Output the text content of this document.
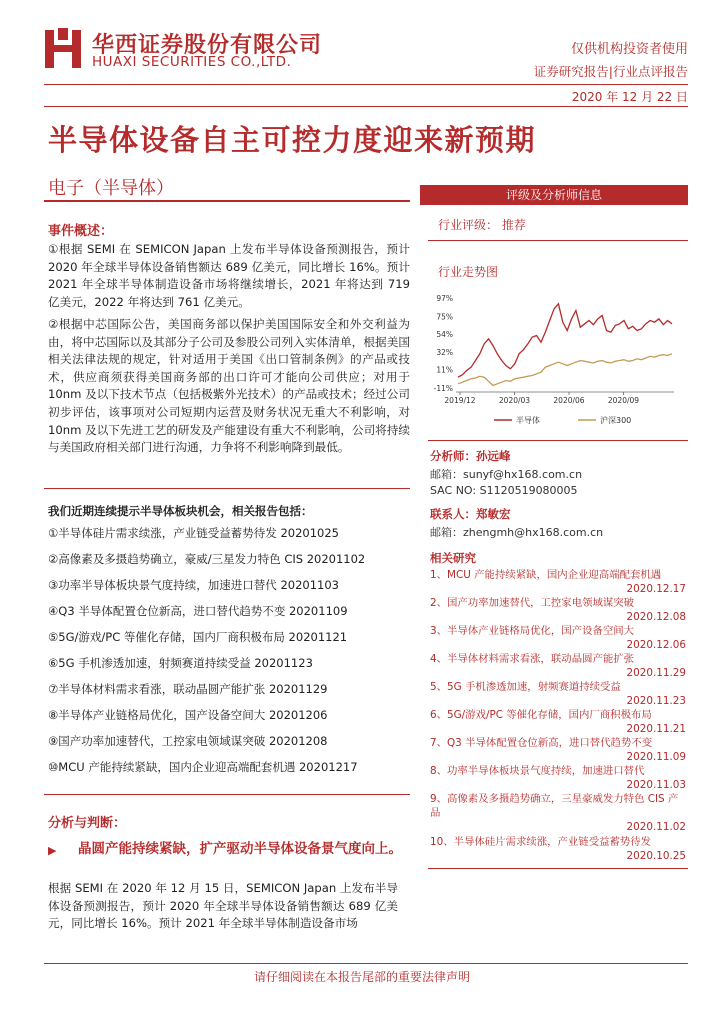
华西证券股份有限公司
HUAXI SECURITIES CO.,LTD.
仅供机构投资者使用
证券研究报告|行业点评报告
2020 年 12 月 22 日
半导体设备自主可控力度迎来新预期
电子（半导体）
事件概述：
①根据 SEMI 在 SEMICON Japan 上发布半导体设备预测报告，预计 2020 年全球半导体设备销售额达 689 亿美元，同比增长 16%。预计 2021 年全球半导体制造设备市场将继续增长，2021 年将达到 719 亿美元，2022 年将达到 761 亿美元。
②根据中芯国际公告，美国商务部以保护美国国际安全和外交利益为由，将中芯国际以及其部分子公司及参股公司列入实体清单，根据美国相关法律法规的规定，针对适用于美国《出口管制条例》的产品或技术，供应商须获得美国商务部的出口许可才能向公司供应；对用于 10nm 及以下技术节点（包括极紫外光技术）的产品或技术；经过公司初步评估，该事项对公司短期内运营及财务状况无重大不利影响，对 10nm 及以下先进工艺的研发及产能建设有重大不利影响，公司将持续与美国政府相关部门进行沟通，力争将不利影响降到最低。
我们近期连续提示半导体板块机会，相关报告包括：
①半导体硅片需求续涨，产业链受益蓄势待发 20201025
②高像素及多摄趋势确立，豪威/三星发力特色 CIS 20201102
③功率半导体板块景气度持续，加速进口替代 20201103
④Q3 半导体配置仓位新高，进口替代趋势不变 20201109
⑤5G/游戏/PC 等催化存储，国内厂商积极布局 20201121
⑥5G 手机渗透加速，射频赛道持续受益 20201123
⑦半导体材料需求看涨，联动晶圆产能扩张 20201129
⑧半导体产业链格局优化，国产设备空间大 20201206
⑨国产功率加速替代，工控家电领域谋突破 20201208
⑩MCU 产能持续紧缺，国内企业迎高端配套机遇 20201217
分析与判断：
▶ 晶圆产能持续紧缺，扩产驱动半导体设备景气度向上。
根据 SEMI 在 2020 年 12 月 15 日，SEMICON Japan 上发布半导体设备预测报告，预计 2020 年全球半导体设备销售额达 689 亿美元，同比增长 16%。预计 2021 年全球半导体制造设备市场
评级及分析师信息
行业评级： 推荐
行业走势图
97%
75%
54%
32%
11%
-11%
2019/12	2020/03	2020/06	2020/09
半导体	沪深300
分析师：孙远峰
邮箱：sunyf@hx168.com.cn
SAC NO: S1120519080005
联系人：郑敏宏
邮箱：zhengmh@hx168.com.cn
相关研究
1、MCU 产能持续紧缺，国内企业迎高端配套机遇
2020.12.17
2、国产功率加速替代，工控家电领域谋突破
2020.12.08
3、半导体产业链格局优化，国产设备空间大
2020.12.06
4、半导体材料需求看涨，联动晶圆产能扩张
2020.11.29
5、5G 手机渗透加速，射频赛道持续受益
2020.11.23
6、5G/游戏/PC 等催化存储，国内厂商积极布局
2020.11.21
7、Q3 半导体配置仓位新高，进口替代趋势不变
2020.11.09
8、功率半导体板块景气度持续，加速进口替代
2020.11.03
9、高像素及多摄趋势确立，三星豪威发力特色 CIS 产品
2020.11.02
10、半导体硅片需求续涨，产业链受益蓄势待发
2020.10.25
请仔细阅读在本报告尾部的重要法律声明
